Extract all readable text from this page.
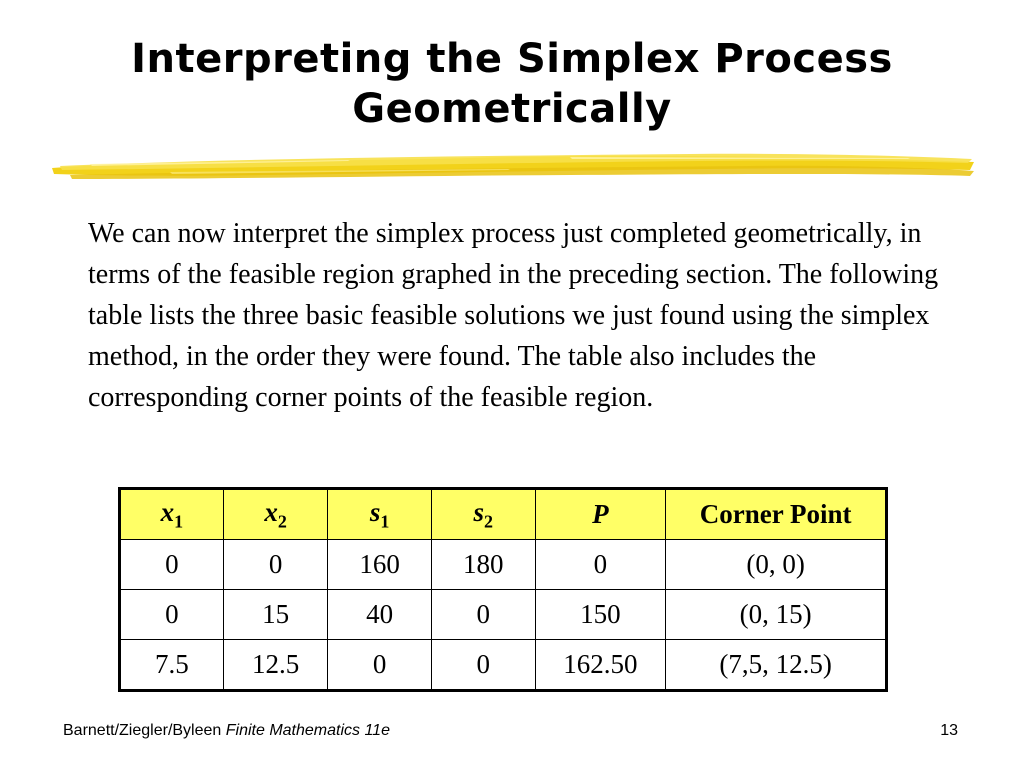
Interpreting the Simplex Process
Geometrically

We can now interpret the simplex process just completed geometrically, in terms of the feasible region graphed in the preceding section. The following table lists the three basic feasible solutions we just found using the simplex method, in the order they were found. The table also includes the corresponding corner points of the feasible region.

$x_1$	$x_2$	$s_1$	$s_2$	P	Corner Point
0	0	160	180	0	(0, 0)
0	15	40	0	150	(0, 15)
7.5	12.5	0	0	162.50	(7,5, 12.5)
Barnett/Ziegler/Byleen Finite Mathematics 11e	13
